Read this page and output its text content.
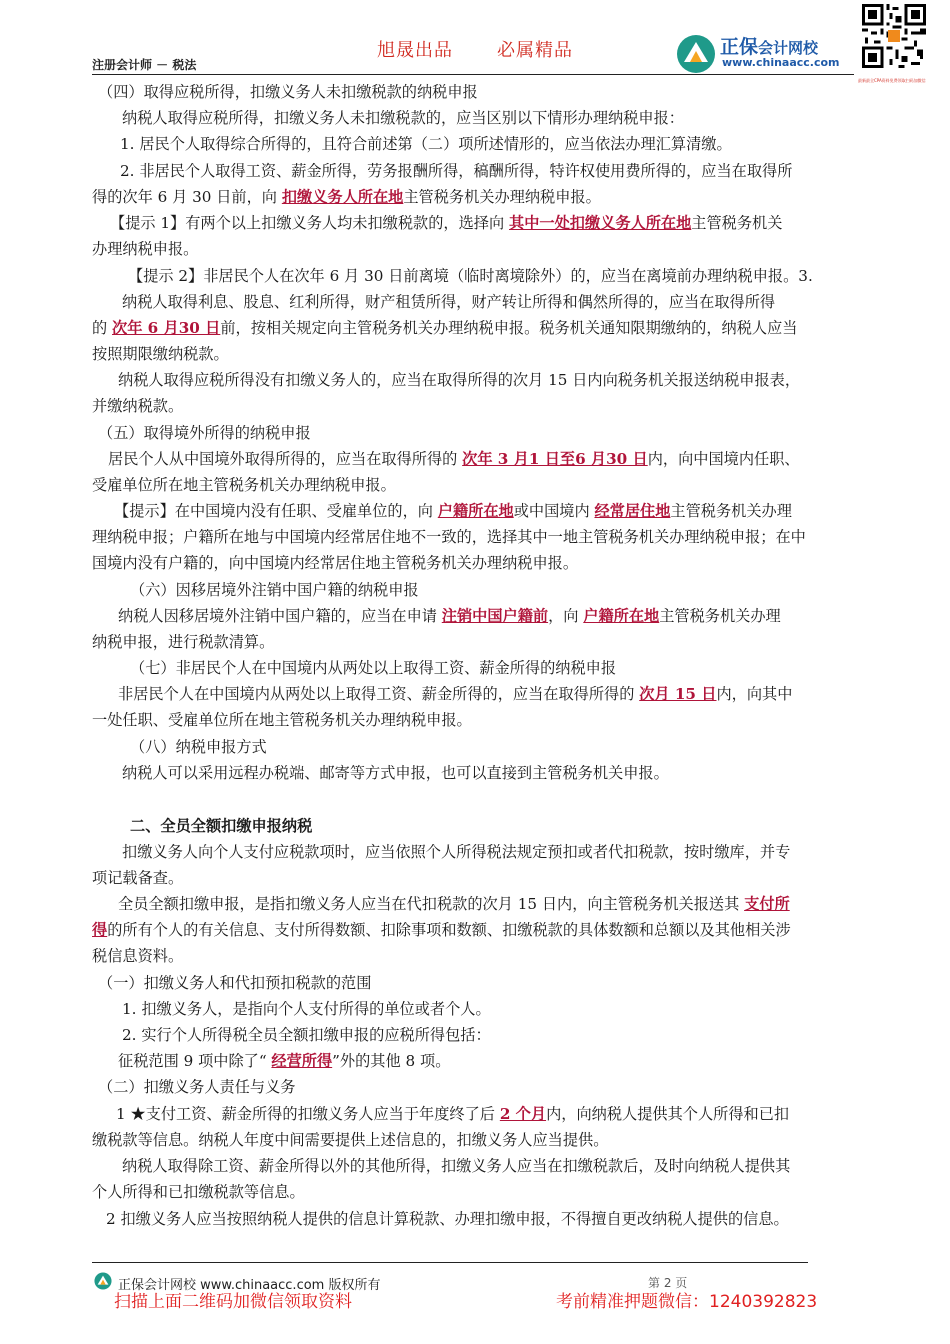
旭晟出品 必属精品
注册会计师 － 税法
正保会计网校
www.chinaacc.com
最新最全CPA资料免费领取扫码加微信
（四）取得应税所得，扣缴义务人未扣缴税款的纳税申报
纳税人取得应税所得，扣缴义务人未扣缴税款的，应当区别以下情形办理纳税申报：
1. 居民个人取得综合所得的，且符合前述第（二）项所述情形的，应当依法办理汇算清缴。
2. 非居民个人取得工资、薪金所得，劳务报酬所得，稿酬所得，特许权使用费所得的，应当在取得所
得的次年 6 月 30 日前，向 扣缴义务人所在地主管税务机关办理纳税申报。
【提示 1】有两个以上扣缴义务人均未扣缴税款的，选择向 其中一处扣缴义务人所在地主管税务机关
办理纳税申报。
【提示 2】非居民个人在次年 6 月 30 日前离境（临时离境除外）的，应当在离境前办理纳税申报。3.
纳税人取得利息、股息、红利所得，财产租赁所得，财产转让所得和偶然所得的，应当在取得所得
的 次年 6 月30 日前，按相关规定向主管税务机关办理纳税申报。税务机关通知限期缴纳的，纳税人应当
按照期限缴纳税款。
纳税人取得应税所得没有扣缴义务人的，应当在取得所得的次月 15 日内向税务机关报送纳税申报表，
并缴纳税款。
（五）取得境外所得的纳税申报
居民个人从中国境外取得所得的，应当在取得所得的 次年 3 月1 日至6 月30 日内，向中国境内任职、
受雇单位所在地主管税务机关办理纳税申报。
【提示】在中国境内没有任职、受雇单位的，向 户籍所在地或中国境内 经常居住地主管税务机关办理
理纳税申报；户籍所在地与中国境内经常居住地不一致的，选择其中一地主管税务机关办理纳税申报；在中
国境内没有户籍的，向中国境内经常居住地主管税务机关办理纳税申报。
（六）因移居境外注销中国户籍的纳税申报
纳税人因移居境外注销中国户籍的，应当在申请 注销中国户籍前，向 户籍所在地主管税务机关办理
纳税申报，进行税款清算。
（七）非居民个人在中国境内从两处以上取得工资、薪金所得的纳税申报
非居民个人在中国境内从两处以上取得工资、薪金所得的，应当在取得所得的 次月 15 日内，向其中
一处任职、受雇单位所在地主管税务机关办理纳税申报。
（八）纳税申报方式
纳税人可以采用远程办税端、邮寄等方式申报，也可以直接到主管税务机关申报。
二、全员全额扣缴申报纳税
扣缴义务人向个人支付应税款项时，应当依照个人所得税法规定预扣或者代扣税款，按时缴库，并专
项记载备查。
全员全额扣缴申报，是指扣缴义务人应当在代扣税款的次月 15 日内，向主管税务机关报送其 支付所
得的所有个人的有关信息、支付所得数额、扣除事项和数额、扣缴税款的具体数额和总额以及其他相关涉
税信息资料。
（一）扣缴义务人和代扣预扣税款的范围
1. 扣缴义务人，是指向个人支付所得的单位或者个人。
2. 实行个人所得税全员全额扣缴申报的应税所得包括：
征税范围 9 项中除了“ 经营所得”外的其他 8 项。
（二）扣缴义务人责任与义务
1 ★支付工资、薪金所得的扣缴义务人应当于年度终了后 2 个月内，向纳税人提供其个人所得和已扣
缴税款等信息。纳税人年度中间需要提供上述信息的，扣缴义务人应当提供。
纳税人取得除工资、薪金所得以外的其他所得，扣缴义务人应当在扣缴税款后，及时向纳税人提供其
个人所得和已扣缴税款等信息。
2 扣缴义务人应当按照纳税人提供的信息计算税款、办理扣缴申报，不得擅自更改纳税人提供的信息。
正保会计网校 www.chinaacc.com 版权所有	第 2 页
扫描上面二维码加微信领取资料	考前精准押题微信：1240392823
